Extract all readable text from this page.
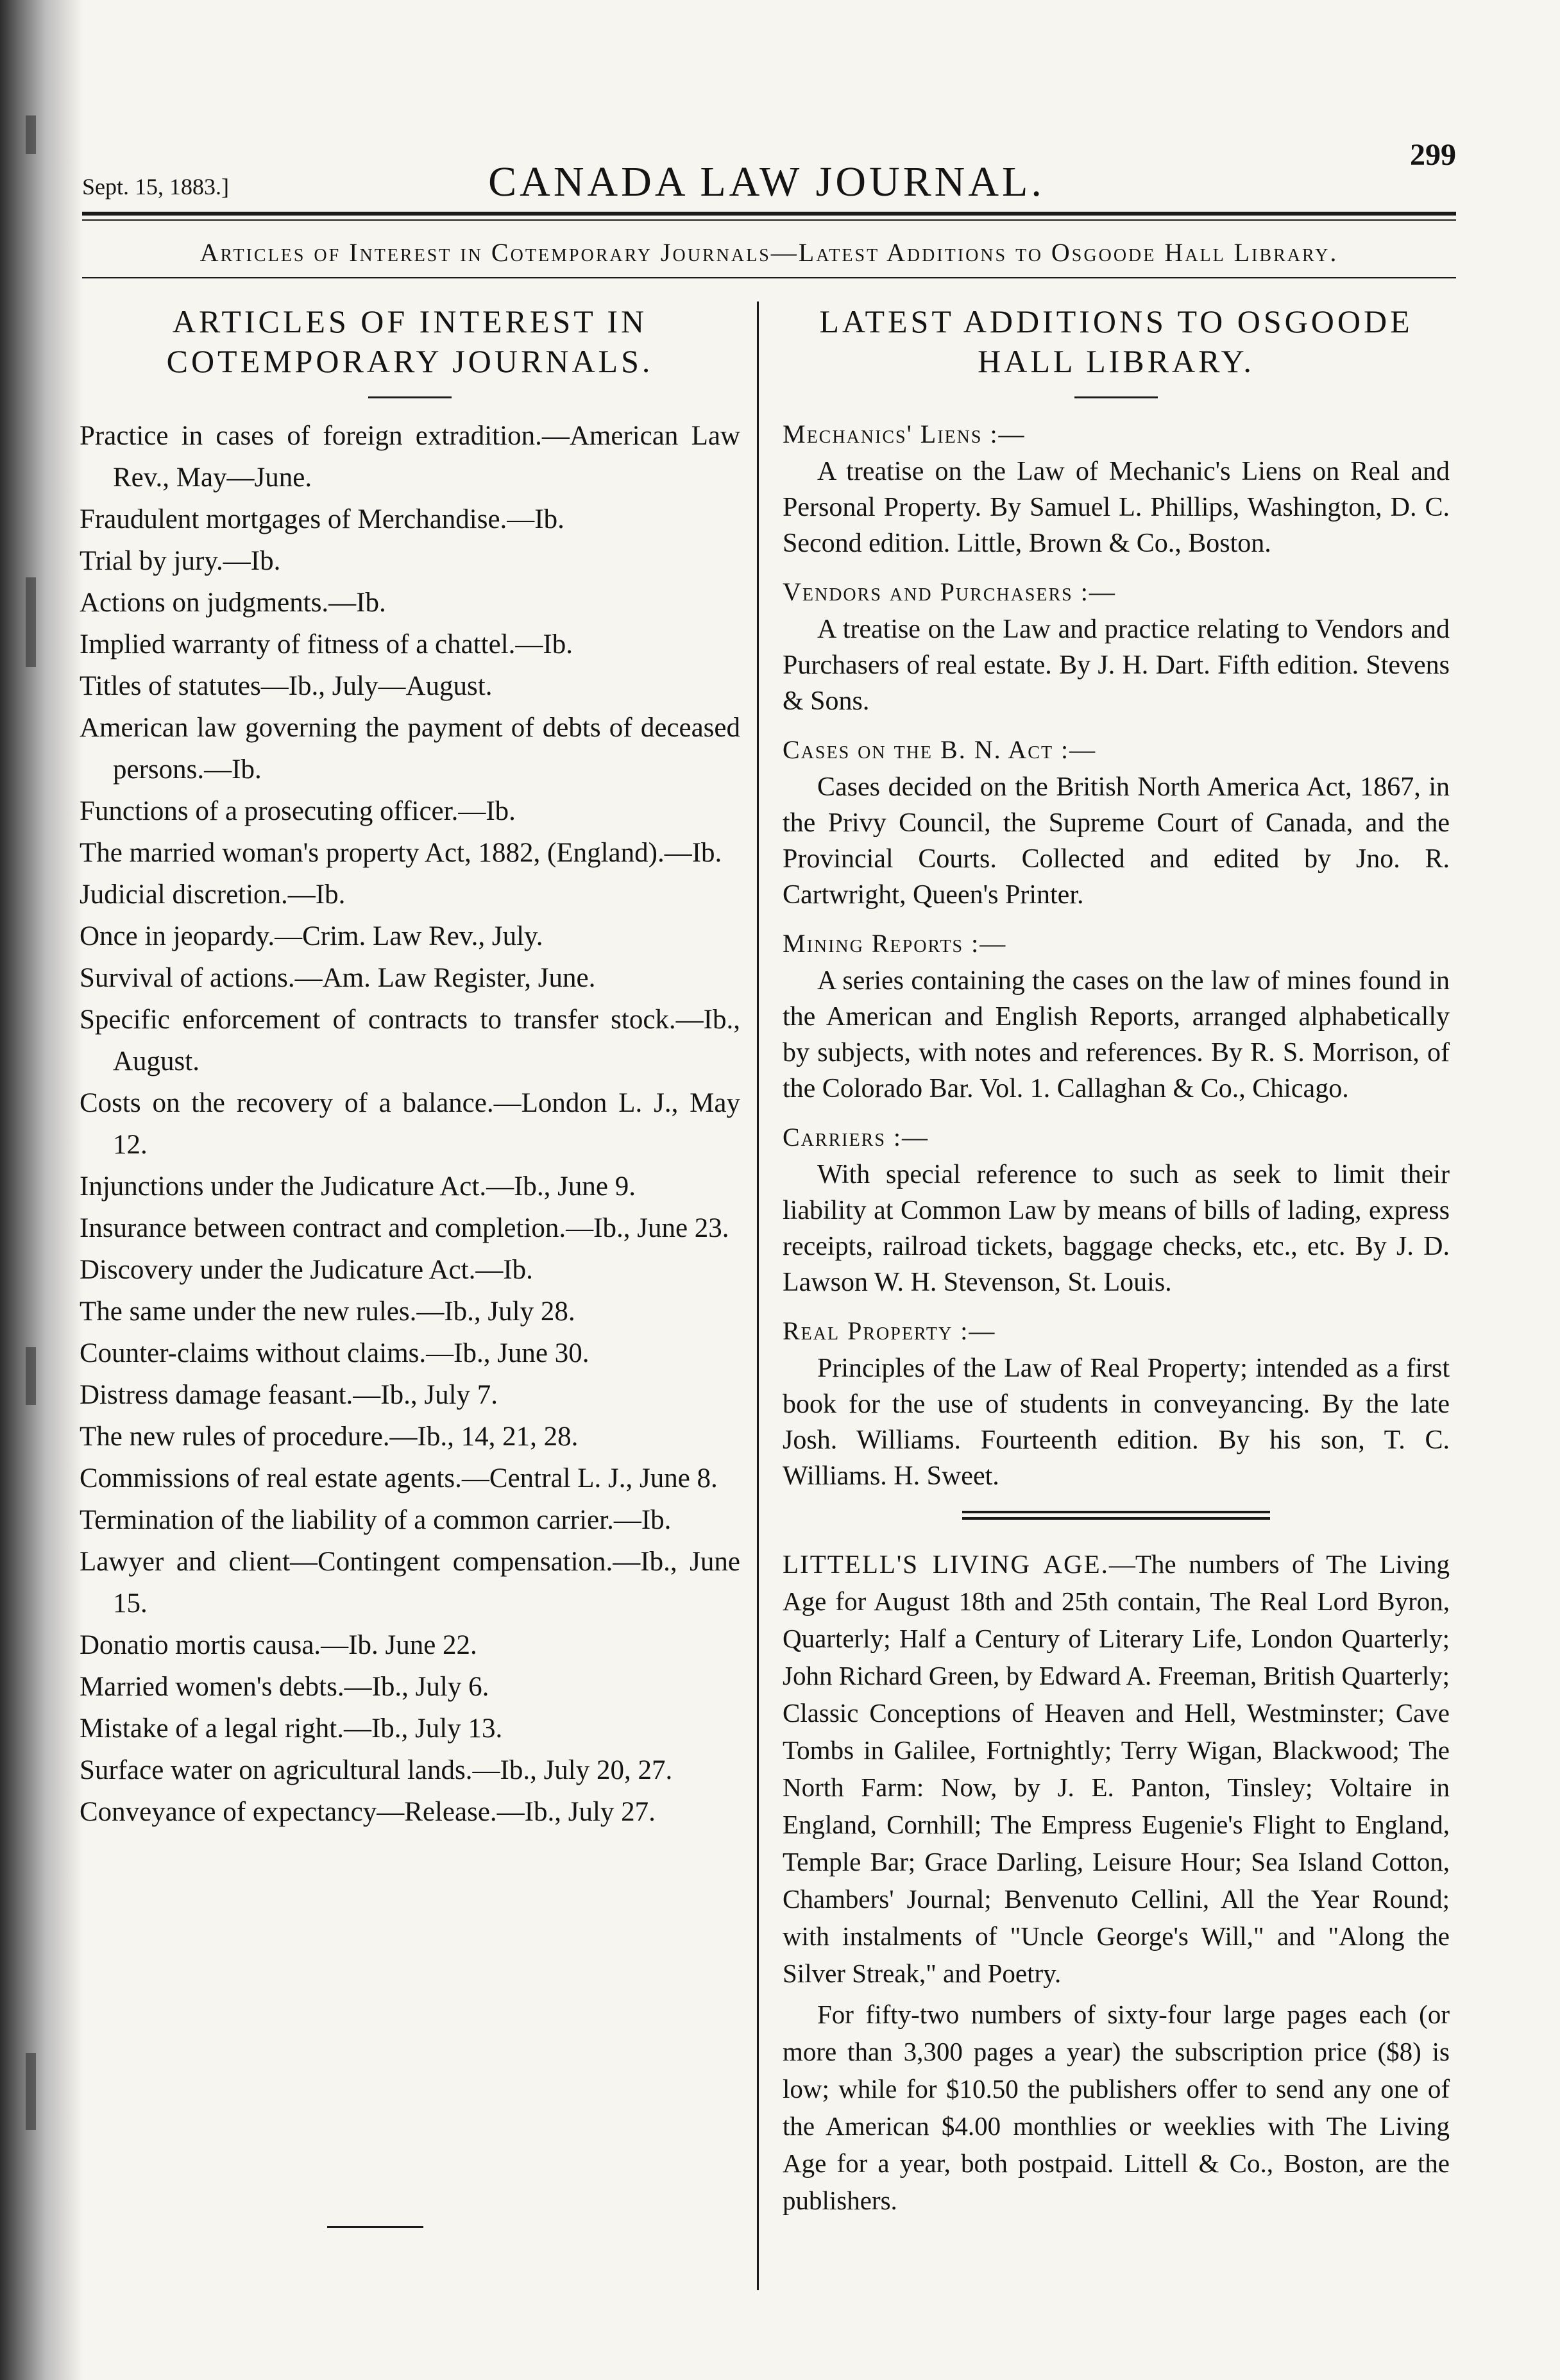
Sept. 15, 1883.]	CANADA LAW JOURNAL.
299
Articles of Interest in Cotemporary Journals—Latest Additions to Osgoode Hall Library.
ARTICLES OF INTEREST IN COTEMPORARY JOURNALS.
Practice in cases of foreign extradition.—American Law Rev., May—June.
Fraudulent mortgages of Merchandise.—Ib.
Trial by jury.—Ib.
Actions on judgments.—Ib.
Implied warranty of fitness of a chattel.—Ib.
Titles of statutes—Ib., July—August.
American law governing the payment of debts of deceased persons.—Ib.
Functions of a prosecuting officer.—Ib.
The married woman's property Act, 1882, (England).—Ib.
Judicial discretion.—Ib.
Once in jeopardy.—Crim. Law Rev., July.
Survival of actions.—Am. Law Register, June.
Specific enforcement of contracts to transfer stock.—Ib., August.
Costs on the recovery of a balance.—London L. J., May 12.
Injunctions under the Judicature Act.—Ib., June 9.
Insurance between contract and completion.—Ib., June 23.
Discovery under the Judicature Act.—Ib.
The same under the new rules.—Ib., July 28.
Counter-claims without claims.—Ib., June 30.
Distress damage feasant.—Ib., July 7.
The new rules of procedure.—Ib., 14, 21, 28.
Commissions of real estate agents.—Central L. J., June 8.
Termination of the liability of a common carrier.—Ib.
Lawyer and client—Contingent compensation.—Ib., June 15.
Donatio mortis causa.—Ib. June 22.
Married women's debts.—Ib., July 6.
Mistake of a legal right.—Ib., July 13.
Surface water on agricultural lands.—Ib., July 20, 27.
Conveyance of expectancy—Release.—Ib., July 27.
LATEST ADDITIONS TO OSGOODE HALL LIBRARY.
Mechanics' Liens :—
A treatise on the Law of Mechanic's Liens on Real and Personal Property. By Samuel L. Phillips, Washington, D. C. Second edition. Little, Brown & Co., Boston.
Vendors and Purchasers :—
A treatise on the Law and practice relating to Vendors and Purchasers of real estate. By J. H. Dart. Fifth edition. Stevens & Sons.
Cases on the B. N. Act :—
Cases decided on the British North America Act, 1867, in the Privy Council, the Supreme Court of Canada, and the Provincial Courts. Collected and edited by Jno. R. Cartwright, Queen's Printer.
Mining Reports :—
A series containing the cases on the law of mines found in the American and English Reports, arranged alphabetically by subjects, with notes and references. By R. S. Morrison, of the Colorado Bar. Vol. 1. Callaghan & Co., Chicago.
Carriers :—
With special reference to such as seek to limit their liability at Common Law by means of bills of lading, express receipts, railroad tickets, baggage checks, etc., etc. By J. D. Lawson W. H. Stevenson, St. Louis.
Real Property :—
Principles of the Law of Real Property; intended as a first book for the use of students in conveyancing. By the late Josh. Williams. Fourteenth edition. By his son, T. C. Williams. H. Sweet.
LITTELL'S LIVING AGE.—The numbers of The Living Age for August 18th and 25th contain, The Real Lord Byron, Quarterly; Half a Century of Literary Life, London Quarterly; John Richard Green, by Edward A. Freeman, British Quarterly; Classic Conceptions of Heaven and Hell, Westminster; Cave Tombs in Galilee, Fortnightly; Terry Wigan, Blackwood; The North Farm: Now, by J. E. Panton, Tinsley; Voltaire in England, Cornhill; The Empress Eugenie's Flight to England, Temple Bar; Grace Darling, Leisure Hour; Sea Island Cotton, Chambers' Journal; Benvenuto Cellini, All the Year Round; with instalments of "Uncle George's Will," and "Along the Silver Streak," and Poetry.
For fifty-two numbers of sixty-four large pages each (or more than 3,300 pages a year) the subscription price ($8) is low; while for $10.50 the publishers offer to send any one of the American $4.00 monthlies or weeklies with The Living Age for a year, both postpaid. Littell & Co., Boston, are the publishers.
